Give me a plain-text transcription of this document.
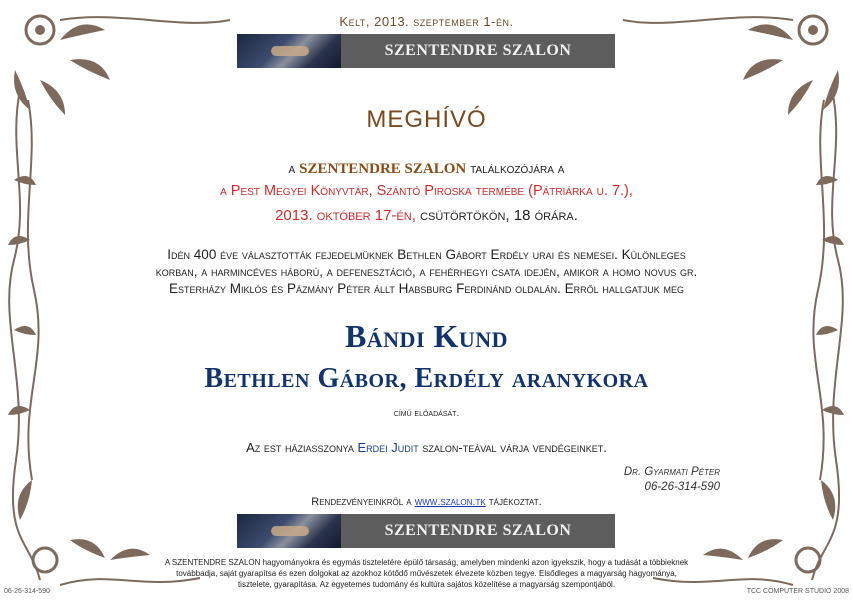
Kelt, 2013. szeptember 1-én.
SZENTENDRE SZALON
MEGHÍVÓ
a SZENTENDRE SZALON találkozójára a
a Pest Megyei Könyvtár, Szántó Piroska termébe (Pátriárka u. 7.),
2013. október 17-én, csütörtökön, 18 órára.
Idén 400 éve választották fejedelmüknek Bethlen Gábort Erdély urai és nemesei. Különleges
korban, a harmincéves háború, a defenesztáció, a fehérhegyi csata idején, amikor a homo novus gr.
Esterházy Miklós és Pázmány Péter állt Habsburg Ferdinánd oldalán. Erről hallgatjuk meg
Bándi Kund
Bethlen Gábor, Erdély aranykora
című előadását.
Az est háziasszonya Erdei Judit szalon-teával várja vendégeinket.
Dr. Gyarmati Péter
06-26-314-590
Rendezvényeinkről a www.szalon.tk tájékoztat.
SZENTENDRE SZALON
A SZENTENDRE SZALON hagyományokra és egymás tiszteletére épülő társaság, amelyben mindenki azon igyekszik, hogy a tudását a többieknek
továbbadja, saját gyarapítsa és ezen dolgokat az azokhoz kötődő művészetek élvezete közben tegye. Elsődleges a magyarság hagyománya,
tisztelete, gyarapítása. Az egyetemes tudomány és kultúra sajátos közelítése a magyarság szempontjából.
06-26-314-590	TCC COMPUTER STUDIO 2008
